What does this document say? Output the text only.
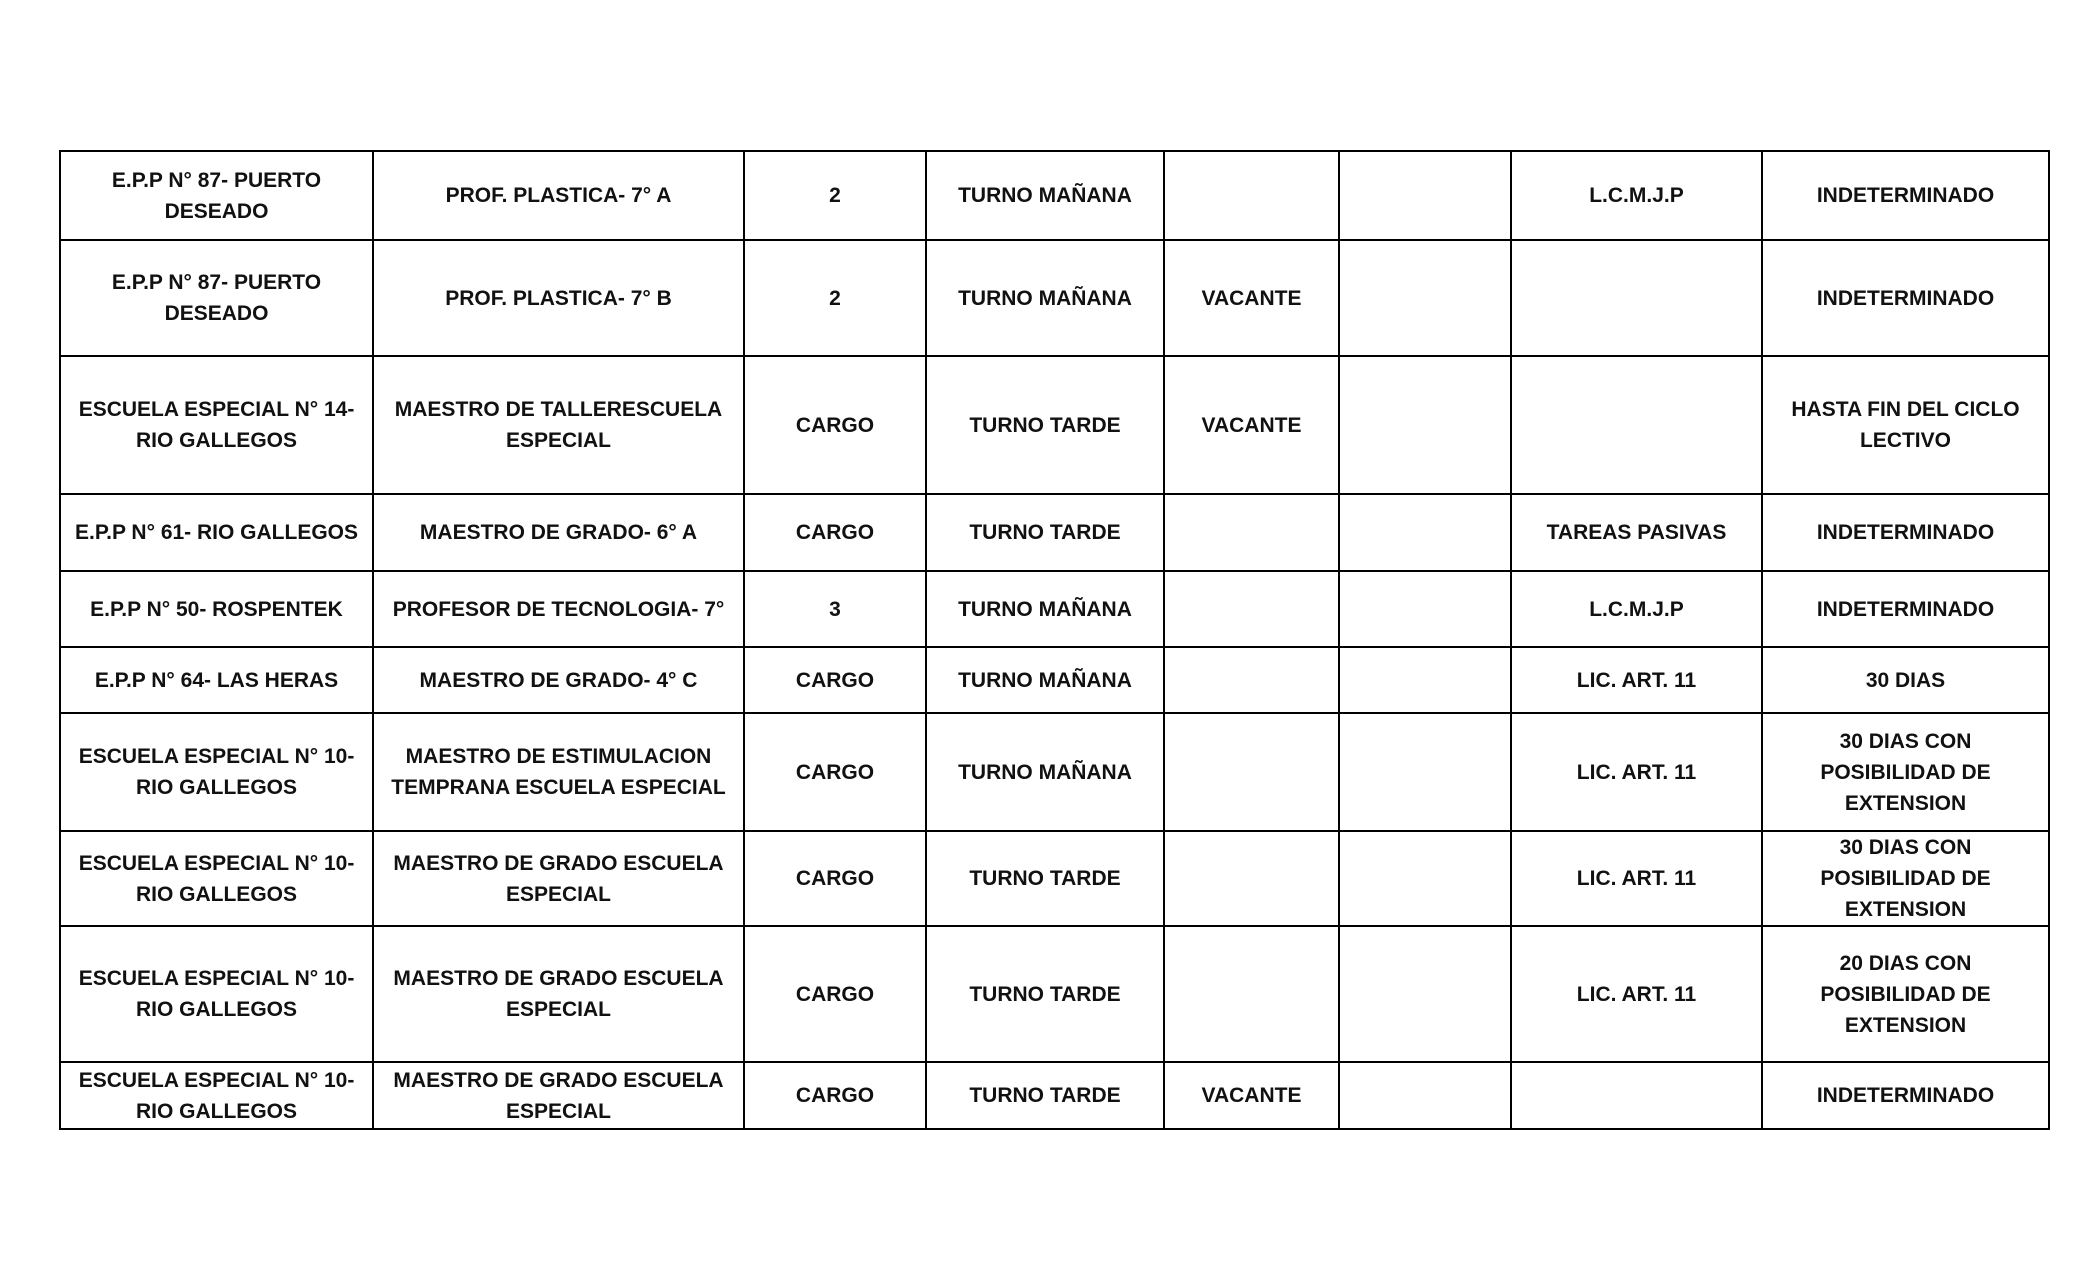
E.P.P N° 87- PUERTO DESEADO	PROF. PLASTICA- 7° A	2	TURNO MAÑANA			L.C.M.J.P	INDETERMINADO
E.P.P N° 87- PUERTO DESEADO	PROF. PLASTICA- 7° B	2	TURNO MAÑANA	VACANTE			INDETERMINADO
ESCUELA ESPECIAL N° 14- RIO GALLEGOS	MAESTRO DE TALLERESCUELA ESPECIAL	CARGO	TURNO TARDE	VACANTE			HASTA FIN DEL CICLO LECTIVO
E.P.P N° 61- RIO GALLEGOS	MAESTRO DE GRADO- 6° A	CARGO	TURNO TARDE			TAREAS PASIVAS	INDETERMINADO
E.P.P N° 50- ROSPENTEK	PROFESOR DE TECNOLOGIA- 7°	3	TURNO MAÑANA			L.C.M.J.P	INDETERMINADO
E.P.P N° 64- LAS HERAS	MAESTRO DE GRADO- 4° C	CARGO	TURNO MAÑANA			LIC. ART. 11	30 DIAS
ESCUELA ESPECIAL N° 10- RIO GALLEGOS	MAESTRO DE ESTIMULACION TEMPRANA ESCUELA ESPECIAL	CARGO	TURNO MAÑANA			LIC. ART. 11	30 DIAS CON POSIBILIDAD DE EXTENSION
ESCUELA ESPECIAL N° 10- RIO GALLEGOS	MAESTRO DE GRADO ESCUELA ESPECIAL	CARGO	TURNO TARDE			LIC. ART. 11	30 DIAS CON POSIBILIDAD DE EXTENSION
ESCUELA ESPECIAL N° 10- RIO GALLEGOS	MAESTRO DE GRADO ESCUELA ESPECIAL	CARGO	TURNO TARDE			LIC. ART. 11	20 DIAS CON POSIBILIDAD DE EXTENSION
ESCUELA ESPECIAL N° 10- RIO GALLEGOS	MAESTRO DE GRADO ESCUELA ESPECIAL	CARGO	TURNO TARDE	VACANTE			INDETERMINADO
